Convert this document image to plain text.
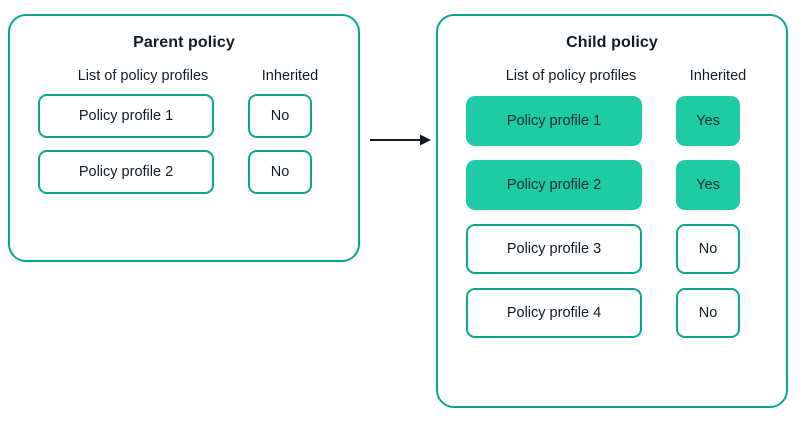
Parent policy
List of policy profiles	Inherited
Policy profile 1	No
Policy profile 2	No
Child policy
List of policy profiles	Inherited
Policy profile 1	Yes
Policy profile 2	Yes
Policy profile 3	No
Policy profile 4	No
